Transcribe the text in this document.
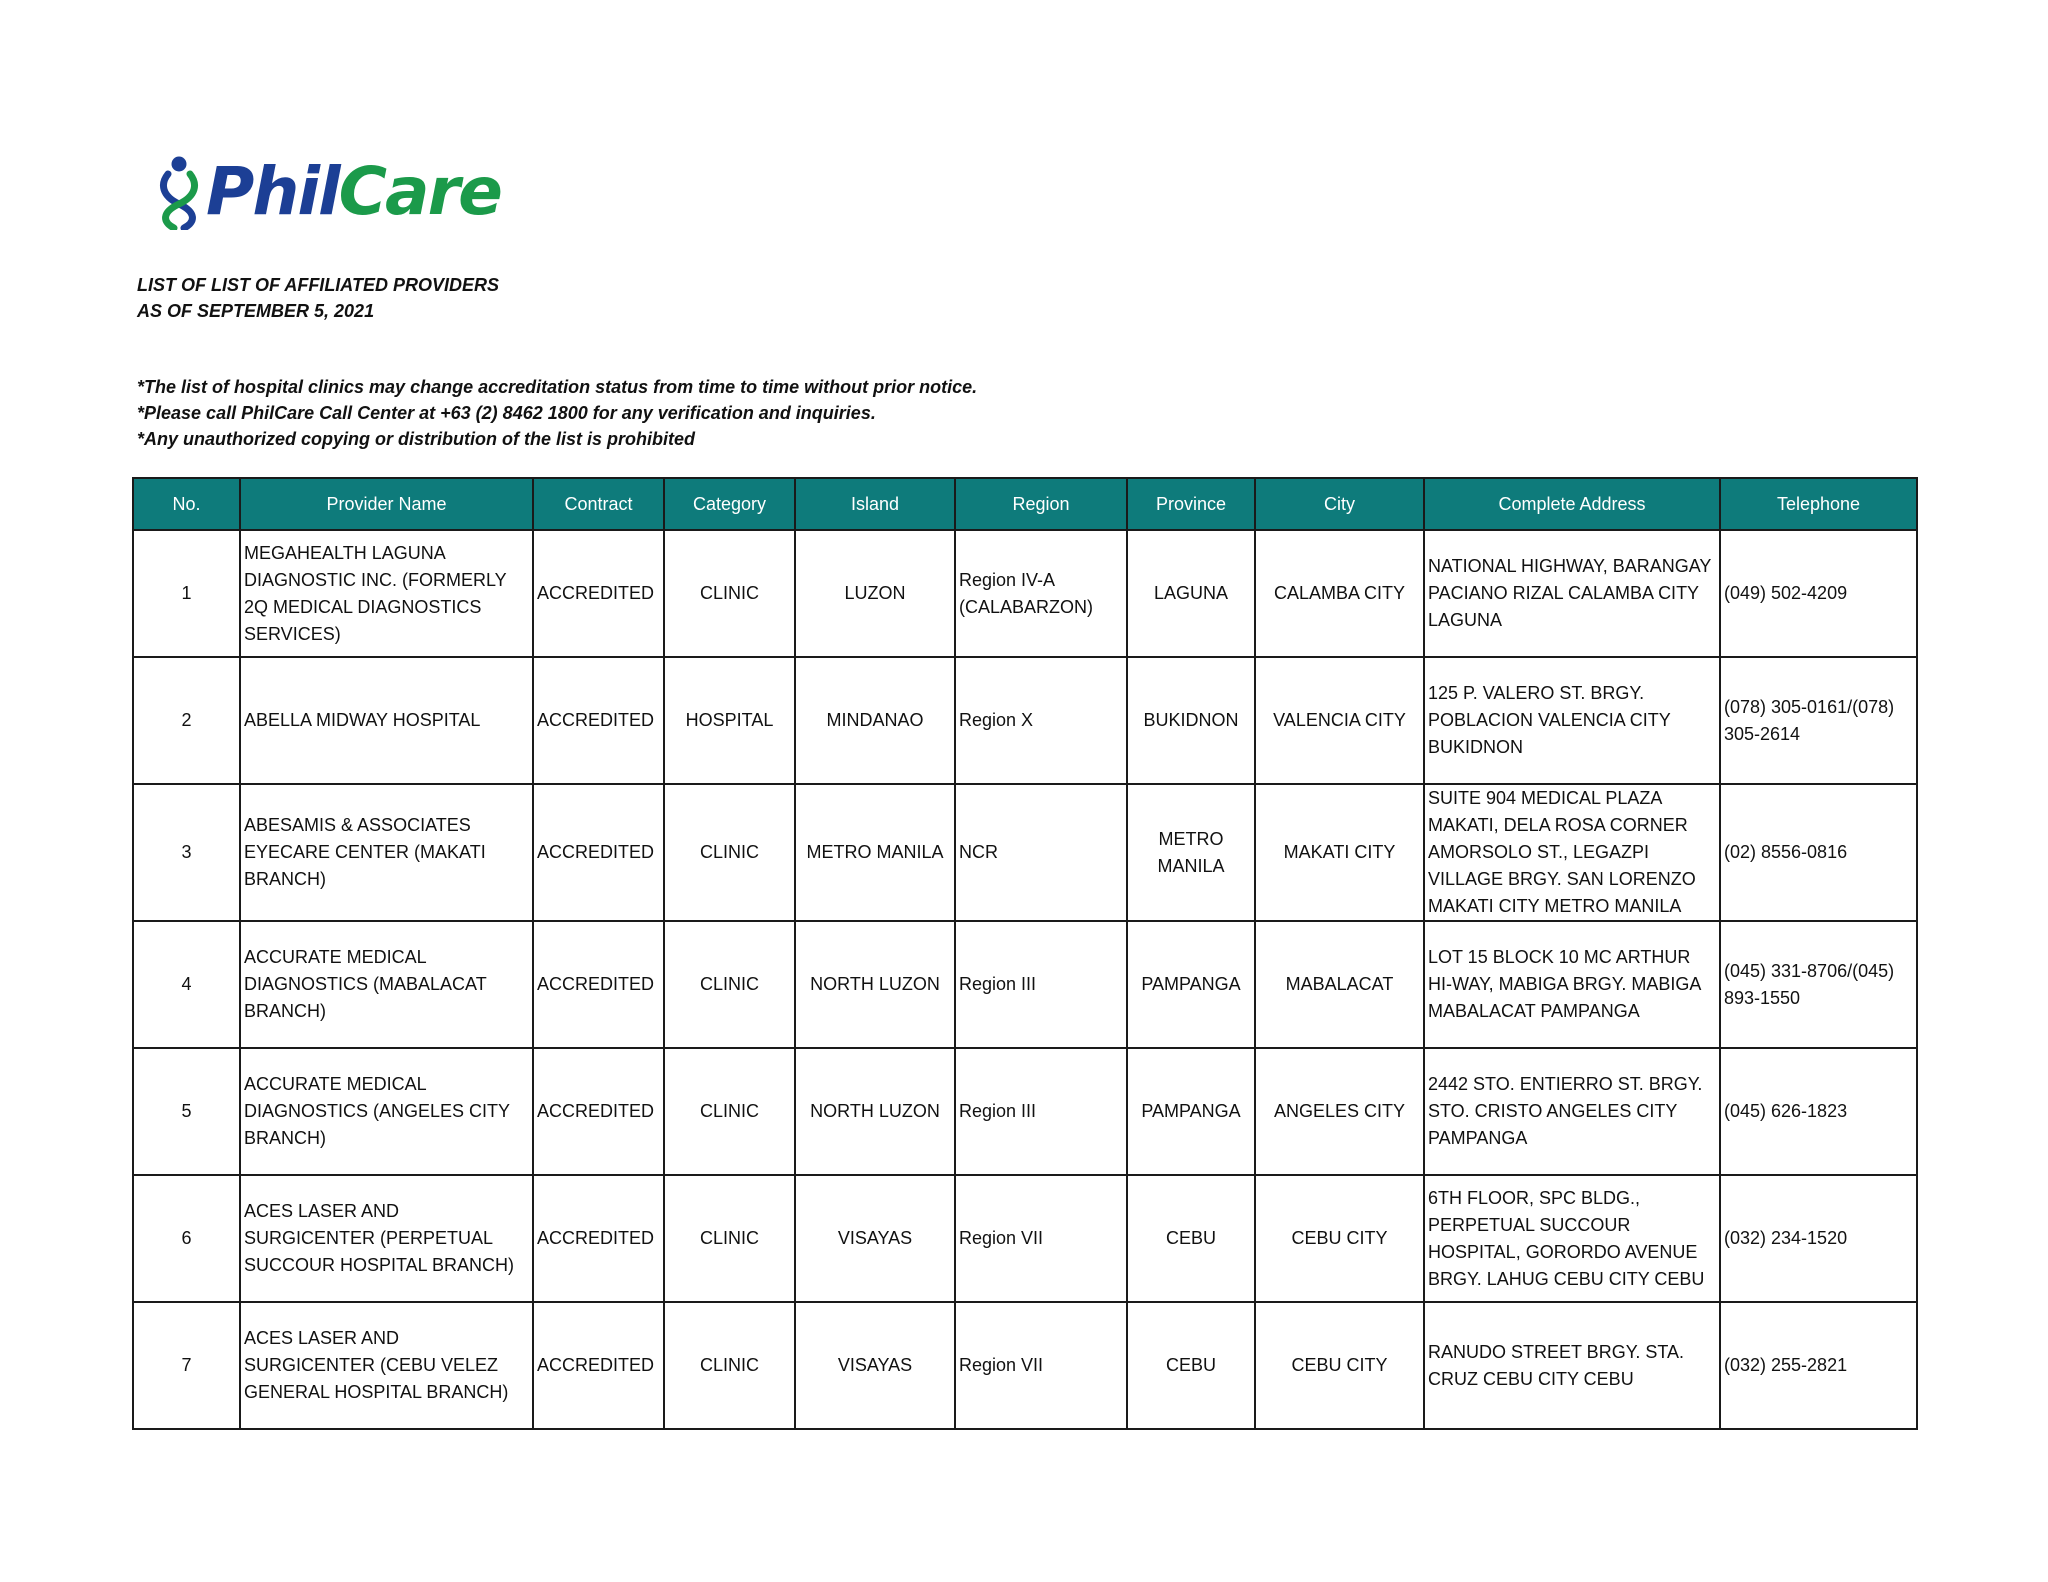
PhilCare
LIST OF LIST OF AFFILIATED PROVIDERS
AS OF SEPTEMBER 5, 2021
*The list of hospital clinics may change accreditation status from time to time without prior notice.
*Please call PhilCare Call Center at +63 (2) 8462 1800 for any verification and inquiries.
*Any unauthorized copying or distribution of the list is prohibited
No.	Provider Name	Contract	Category	Island	Region	Province	City	Complete Address	Telephone
1	MEGAHEALTH LAGUNA DIAGNOSTIC INC. (FORMERLY 2Q MEDICAL DIAGNOSTICS SERVICES)	ACCREDITED	CLINIC	LUZON	Region IV-A (CALABARZON)	LAGUNA	CALAMBA CITY	NATIONAL HIGHWAY, BARANGAY PACIANO RIZAL CALAMBA CITY LAGUNA	(049) 502-4209
2	ABELLA MIDWAY HOSPITAL	ACCREDITED	HOSPITAL	MINDANAO	Region X	BUKIDNON	VALENCIA CITY	125 P. VALERO ST. BRGY. POBLACION VALENCIA CITY BUKIDNON	(078) 305-0161/(078) 305-2614
3	ABESAMIS & ASSOCIATES EYECARE CENTER (MAKATI BRANCH)	ACCREDITED	CLINIC	METRO MANILA	NCR	METRO MANILA	MAKATI CITY	SUITE 904 MEDICAL PLAZA MAKATI, DELA ROSA CORNER AMORSOLO ST., LEGAZPI VILLAGE BRGY. SAN LORENZO MAKATI CITY METRO MANILA	(02) 8556-0816
4	ACCURATE MEDICAL DIAGNOSTICS (MABALACAT BRANCH)	ACCREDITED	CLINIC	NORTH LUZON	Region III	PAMPANGA	MABALACAT	LOT 15 BLOCK 10 MC ARTHUR HI-WAY, MABIGA BRGY. MABIGA MABALACAT PAMPANGA	(045) 331-8706/(045) 893-1550
5	ACCURATE MEDICAL DIAGNOSTICS (ANGELES CITY BRANCH)	ACCREDITED	CLINIC	NORTH LUZON	Region III	PAMPANGA	ANGELES CITY	2442 STO. ENTIERRO ST. BRGY. STO. CRISTO ANGELES CITY PAMPANGA	(045) 626-1823
6	ACES LASER AND SURGICENTER (PERPETUAL SUCCOUR HOSPITAL BRANCH)	ACCREDITED	CLINIC	VISAYAS	Region VII	CEBU	CEBU CITY	6TH FLOOR, SPC BLDG., PERPETUAL SUCCOUR HOSPITAL, GORORDO AVENUE BRGY. LAHUG CEBU CITY CEBU	(032) 234-1520
7	ACES LASER AND SURGICENTER (CEBU VELEZ GENERAL HOSPITAL BRANCH)	ACCREDITED	CLINIC	VISAYAS	Region VII	CEBU	CEBU CITY	RANUDO STREET BRGY. STA. CRUZ CEBU CITY CEBU	(032) 255-2821
